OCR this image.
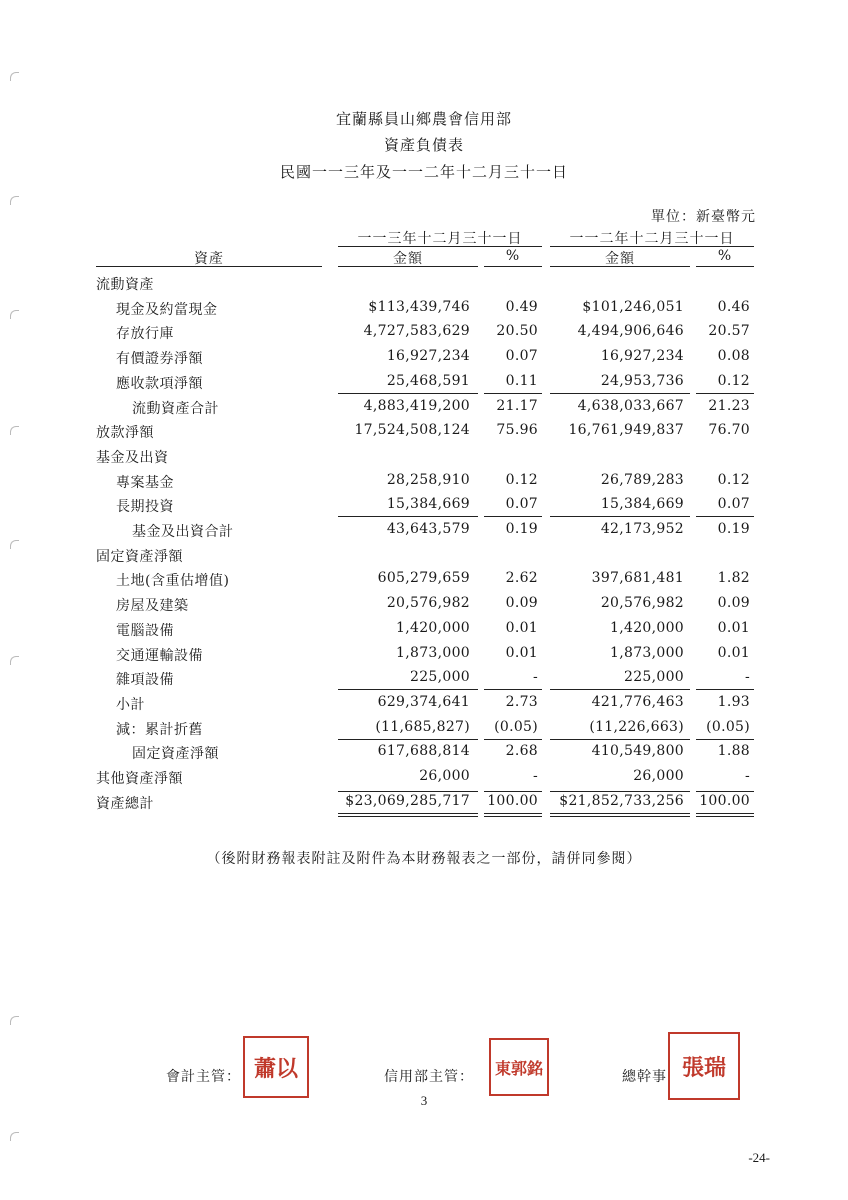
宜蘭縣員山鄉農會信用部
資產負債表
民國一一三年及一一二年十二月三十一日
單位：新臺幣元
一一三年十二月三十一日	一一二年十二月三十一日
資產	金額	%	金額	%
流動資產
現金及約當現金	$113,439,746	0.49	$101,246,051	0.46
存放行庫	4,727,583,629	20.50	4,494,906,646	20.57
有價證券淨額	16,927,234	0.07	16,927,234	0.08
應收款項淨額	25,468,591	0.11	24,953,736	0.12
流動資產合計	4,883,419,200	21.17	4,638,033,667	21.23
放款淨額	17,524,508,124	75.96	16,761,949,837	76.70
基金及出資
專案基金	28,258,910	0.12	26,789,283	0.12
長期投資	15,384,669	0.07	15,384,669	0.07
基金及出資合計	43,643,579	0.19	42,173,952	0.19
固定資產淨額
土地(含重估增值)	605,279,659	2.62	397,681,481	1.82
房屋及建築	20,576,982	0.09	20,576,982	0.09
電腦設備	1,420,000	0.01	1,420,000	0.01
交通運輸設備	1,873,000	0.01	1,873,000	0.01
雜項設備	225,000	-	225,000	-
小計	629,374,641	2.73	421,776,463	1.93
減：累計折舊	(11,685,827)	(0.05)	(11,226,663)	(0.05)
固定資產淨額	617,688,814	2.68	410,549,800	1.88
其他資產淨額	26,000	-	26,000	-
資產總計	$23,069,285,717	100.00	$21,852,733,256	100.00
（後附財務報表附註及附件為本財務報表之一部份，請併同參閱）
會計主管： 蕭以	信用部主管： 東郭銘	總幹事 張瑞
3
-24-
